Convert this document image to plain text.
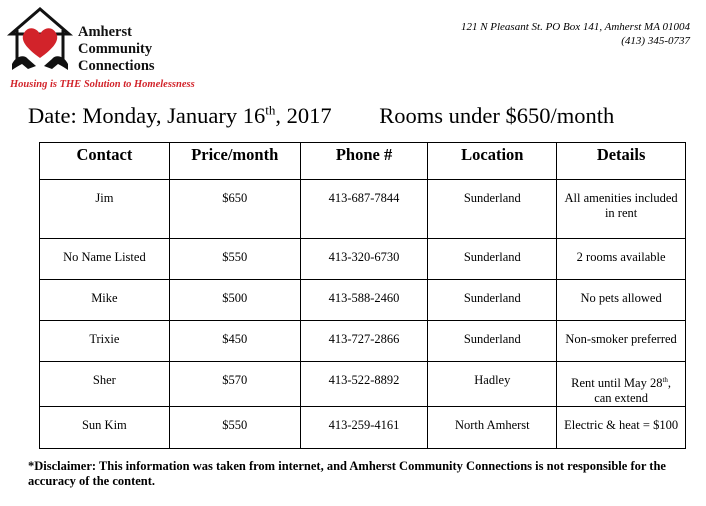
Amherst
Community
Connections
Housing is THE Solution to Homelessness
121 N Pleasant St. PO Box 141, Amherst MA 01004
(413) 345-0737
Date: Monday, January 16th, 2017 Rooms under $650/month
Contact	Price/month	Phone #	Location	Details
Jim	$650	413-687-7844	Sunderland	All amenities included in rent
No Name Listed	$550	413-320-6730	Sunderland	2 rooms available
Mike	$500	413-588-2460	Sunderland	No pets allowed
Trixie	$450	413-727-2866	Sunderland	Non-smoker preferred
Sher	$570	413-522-8892	Hadley	Rent until May 28th, can extend
Sun Kim	$550	413-259-4161	North Amherst	Electric & heat = $100
*Disclaimer: This information was taken from internet, and Amherst Community Connections is not responsible for the accuracy of the content.
